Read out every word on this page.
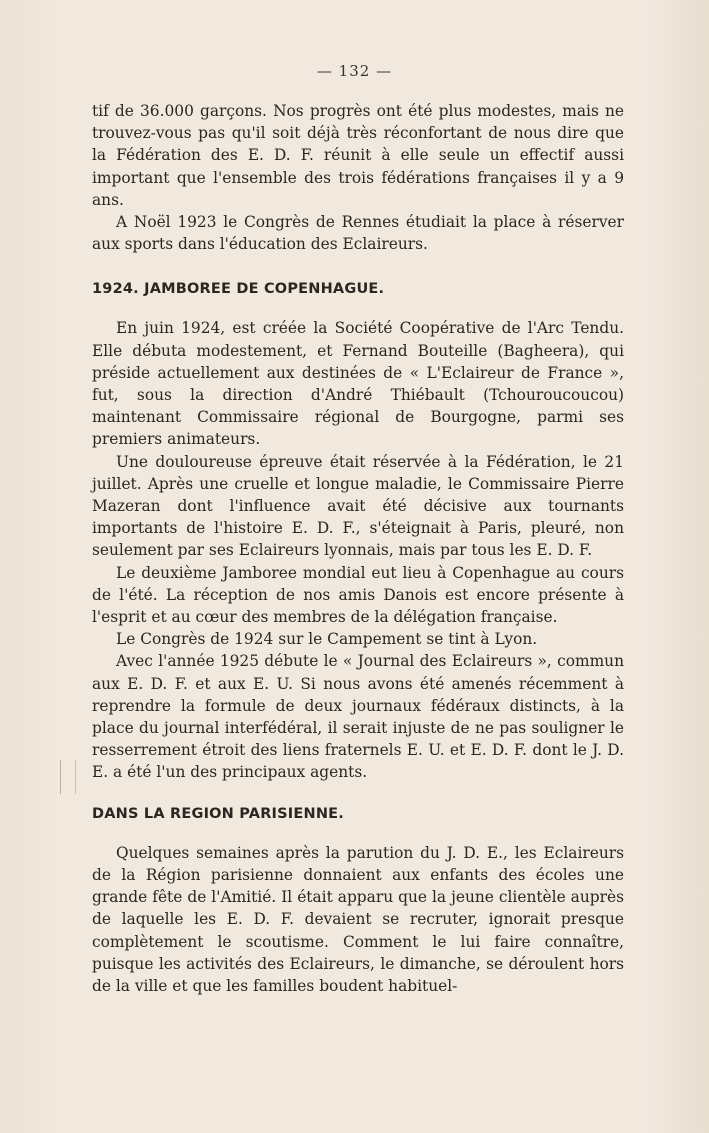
— 132 —

tif de 36.000 garçons. Nos progrès ont été plus modestes, mais ne trouvez-vous pas qu'il soit déjà très réconfortant de nous dire que la Fédération des E. D. F. réunit à elle seule un effectif aussi important que l'ensemble des trois fédérations françaises il y a 9 ans.

A Noël 1923 le Congrès de Rennes étudiait la place à réserver aux sports dans l'éducation des Eclaireurs.

1924. JAMBOREE DE COPENHAGUE.

En juin 1924, est créée la Société Coopérative de l'Arc Tendu. Elle débuta modestement, et Fernand Bouteille (Bagheera), qui préside actuellement aux destinées de « L'Eclaireur de France », fut, sous la direction d'André Thiébault (Tchouroucoucou) maintenant Commissaire régional de Bourgogne, parmi ses premiers animateurs.

Une douloureuse épreuve était réservée à la Fédération, le 21 juillet. Après une cruelle et longue maladie, le Commissaire Pierre Mazeran dont l'influence avait été décisive aux tournants importants de l'histoire E. D. F., s'éteignait à Paris, pleuré, non seulement par ses Eclaireurs lyonnais, mais par tous les E. D. F.

Le deuxième Jamboree mondial eut lieu à Copenhague au cours de l'été. La réception de nos amis Danois est encore présente à l'esprit et au cœur des membres de la délégation française.

Le Congrès de 1924 sur le Campement se tint à Lyon.

Avec l'année 1925 débute le « Journal des Eclaireurs », commun aux E. D. F. et aux E. U. Si nous avons été amenés récemment à reprendre la formule de deux journaux fédéraux distincts, à la place du journal interfédéral, il serait injuste de ne pas souligner le resserrement étroit des liens fraternels E. U. et E. D. F. dont le J. D. E. a été l'un des principaux agents.

DANS LA REGION PARISIENNE.

Quelques semaines après la parution du J. D. E., les Eclaireurs de la Région parisienne donnaient aux enfants des écoles une grande fête de l'Amitié. Il était apparu que la jeune clientèle auprès de laquelle les E. D. F. devaient se recruter, ignorait presque complètement le scoutisme. Comment le lui faire connaître, puisque les activités des Eclaireurs, le dimanche, se déroulent hors de la ville et que les familles boudent habituel-
